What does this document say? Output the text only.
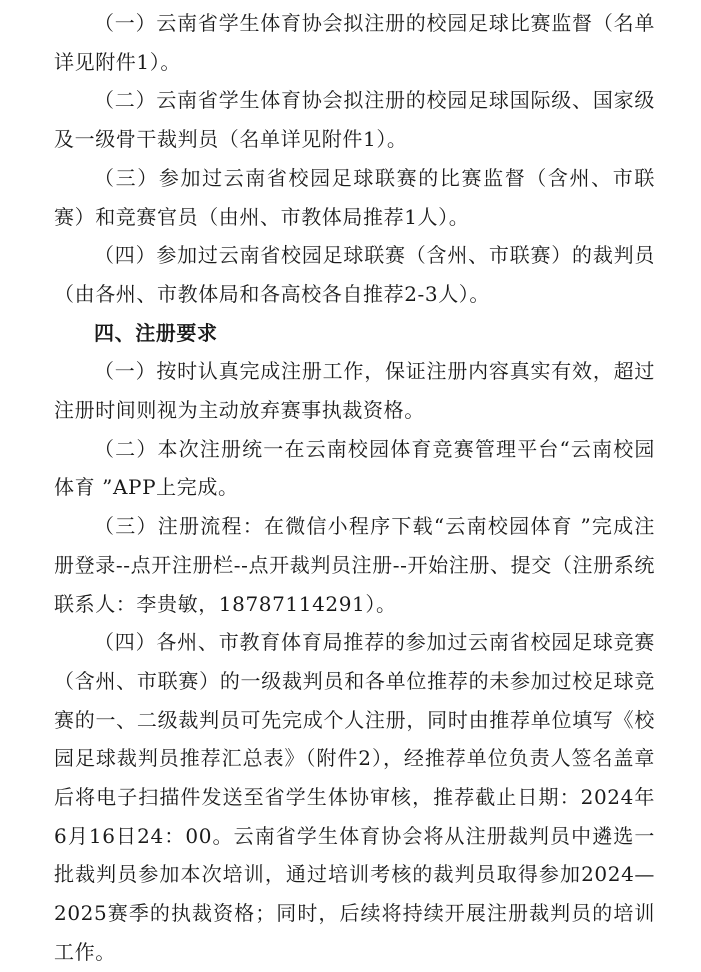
（一）云南省学生体育协会拟注册的校园足球比赛监督（名单详见附件1）。

（二）云南省学生体育协会拟注册的校园足球国际级、国家级及一级骨干裁判员（名单详见附件1）。

（三）参加过云南省校园足球联赛的比赛监督（含州、市联赛）和竞赛官员（由州、市教体局推荐1人）。

（四）参加过云南省校园足球联赛（含州、市联赛）的裁判员（由各州、市教体局和各高校各自推荐2-3人）。

四、注册要求

（一）按时认真完成注册工作，保证注册内容真实有效，超过注册时间则视为主动放弃赛事执裁资格。

（二）本次注册统一在云南校园体育竞赛管理平台“云南校园体育 ”APP上完成。

（三）注册流程：在微信小程序下载“云南校园体育 ”完成注册登录--点开注册栏--点开裁判员注册--开始注册、提交（注册系统联系人：李贵敏，18787114291）。

（四）各州、市教育体育局推荐的参加过云南省校园足球竞赛（含州、市联赛）的一级裁判员和各单位推荐的未参加过校足球竞赛的一、二级裁判员可先完成个人注册，同时由推荐单位填写《校园足球裁判员推荐汇总表》（附件2），经推荐单位负责人签名盖章后将电子扫描件发送至省学生体协审核，推荐截止日期：2024年6月16日24：00。云南省学生体育协会将从注册裁判员中遴选一批裁判员参加本次培训，通过培训考核的裁判员取得参加2024—2025赛季的执裁资格；同时，后续将持续开展注册裁判员的培训工作。
